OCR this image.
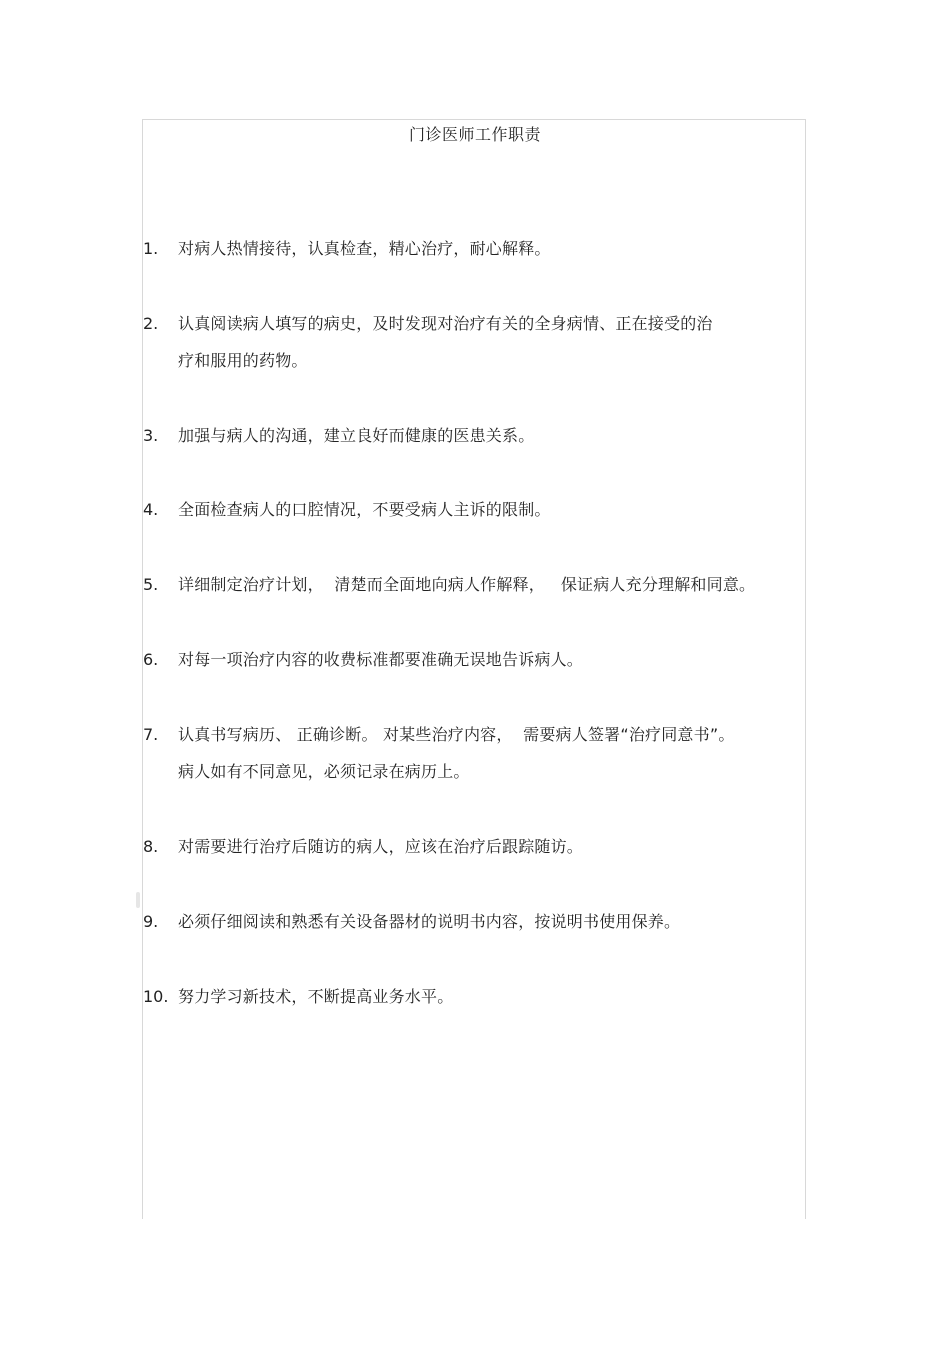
门诊医师工作职责
1. 对病人热情接待，认真检查，精心治疗，耐心解释。
2. 认真阅读病人填写的病史，及时发现对治疗有关的全身病情、正在接受的治
疗和服用的药物。
3. 加强与病人的沟通，建立良好而健康的医患关系。
4. 全面检查病人的口腔情况，不要受病人主诉的限制。
5. 详细制定治疗计划，  清楚而全面地向病人作解释，   保证病人充分理解和同意。
6. 对每一项治疗内容的收费标准都要准确无误地告诉病人。
7. 认真书写病历、 正确诊断。 对某些治疗内容，  需要病人签署“治疗同意书”。
病人如有不同意见，必须记录在病历上。
8. 对需要进行治疗后随访的病人，应该在治疗后跟踪随访。
9. 必须仔细阅读和熟悉有关设备器材的说明书内容，按说明书使用保养。
10. 努力学习新技术，不断提高业务水平。
